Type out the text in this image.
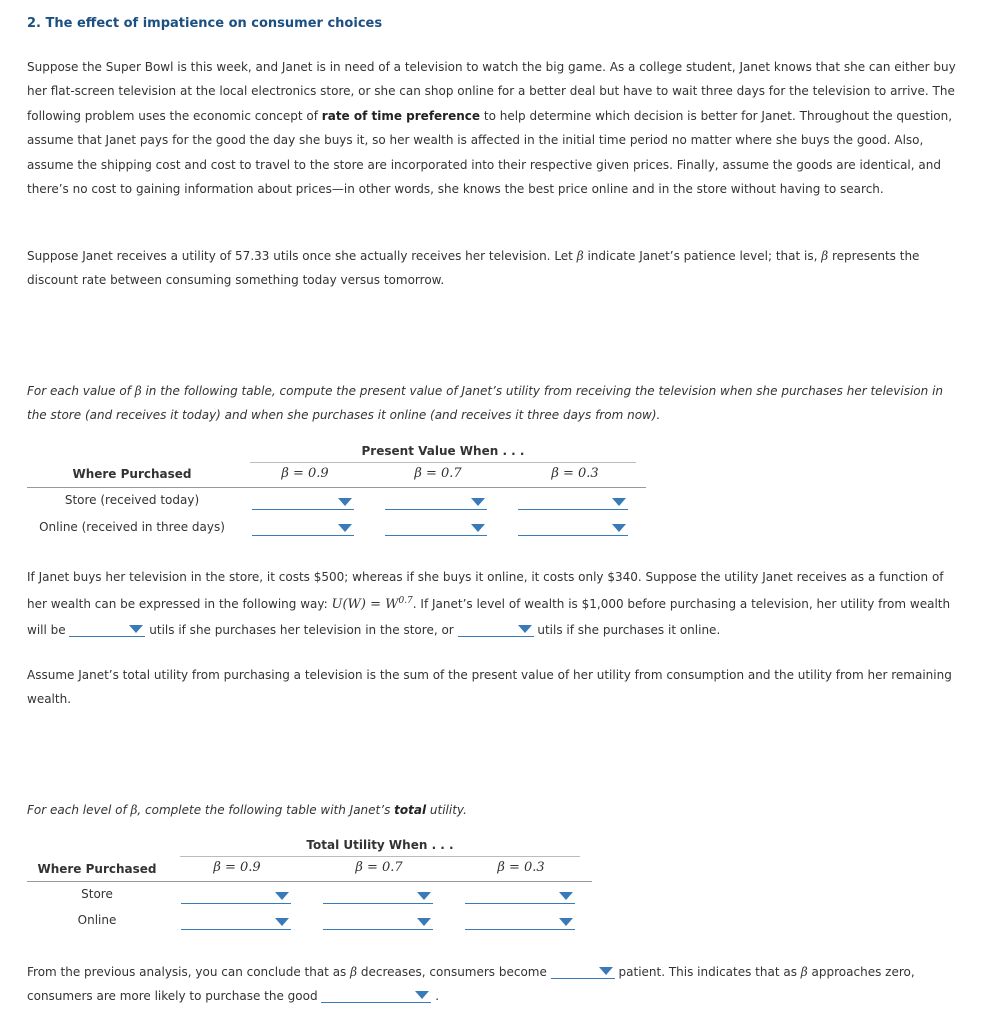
2. The effect of impatience on consumer choices
Suppose the Super Bowl is this week, and Janet is in need of a television to watch the big game. As a college student, Janet knows that she can either buy her flat-screen television at the local electronics store, or she can shop online for a better deal but have to wait three days for the television to arrive. The following problem uses the economic concept of rate of time preference to help determine which decision is better for Janet. Throughout the question, assume that Janet pays for the good the day she buys it, so her wealth is affected in the initial time period no matter where she buys the good. Also, assume the shipping cost and cost to travel to the store are incorporated into their respective given prices. Finally, assume the goods are identical, and there’s no cost to gaining information about prices—in other words, she knows the best price online and in the store without having to search.
Suppose Janet receives a utility of 57.33 utils once she actually receives her television. Let β indicate Janet’s patience level; that is, β represents the discount rate between consuming something today versus tomorrow.
For each value of β in the following table, compute the present value of Janet’s utility from receiving the television when she purchases her television in the store (and receives it today) and when she purchases it online (and receives it three days from now).
Present Value When . . .
Where Purchased	β = 0.9	β = 0.7	β = 0.3
Store (received today)
Online (received in three days)
If Janet buys her television in the store, it costs $500; whereas if she buys it online, it costs only $340. Suppose the utility Janet receives as a function of her wealth can be expressed in the following way: $U(W) = W^{0.7}$. If Janet’s level of wealth is $1,000 before purchasing a television, her utility from wealth will be	utils if she purchases her television in the store, or	utils if she purchases it online.
Assume Janet’s total utility from purchasing a television is the sum of the present value of her utility from consumption and the utility from her remaining wealth.
For each level of β, complete the following table with Janet’s total utility.
Total Utility When . . .
Where Purchased	β = 0.9	β = 0.7	β = 0.3
Store
Online
From the previous analysis, you can conclude that as β decreases, consumers become	patient. This indicates that as β approaches zero, consumers are more likely to purchase the good	.
